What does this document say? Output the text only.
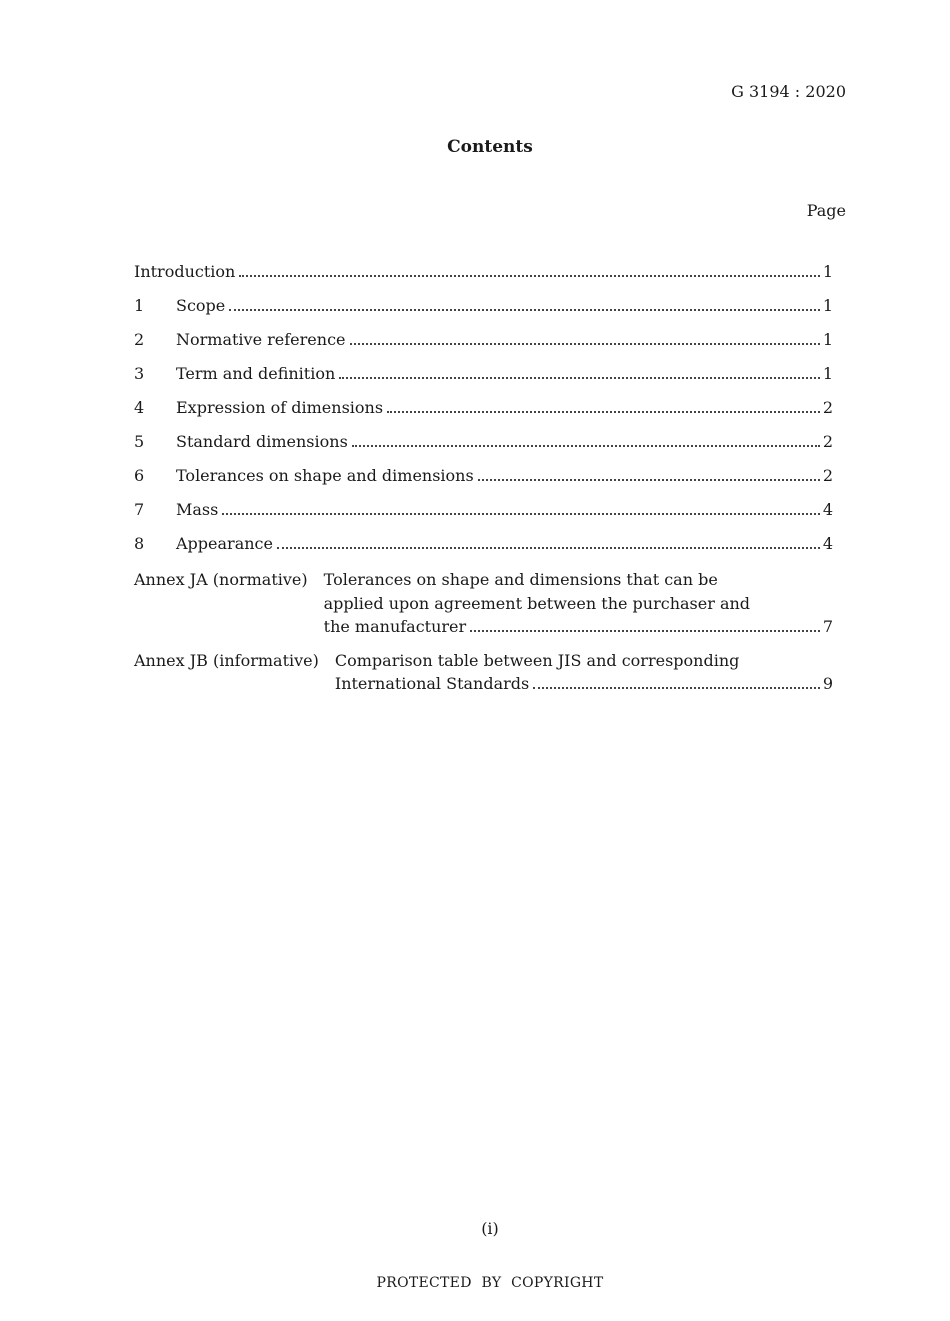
G 3194 : 2020
Contents
Page
Introduction	1
1	Scope	1
2	Normative reference	1
3	Term and definition	1
4	Expression of dimensions	2
5	Standard dimensions	2
6	Tolerances on shape and dimensions	2
7	Mass	4
8	Appearance	4
Annex JA (normative) Tolerances on shape and dimensions that can be
applied upon agreement between the purchaser and
the manufacturer	7
Annex JB (informative) Comparison table between JIS and corresponding
International Standards	9
(i)
PROTECTED BY COPYRIGHT
